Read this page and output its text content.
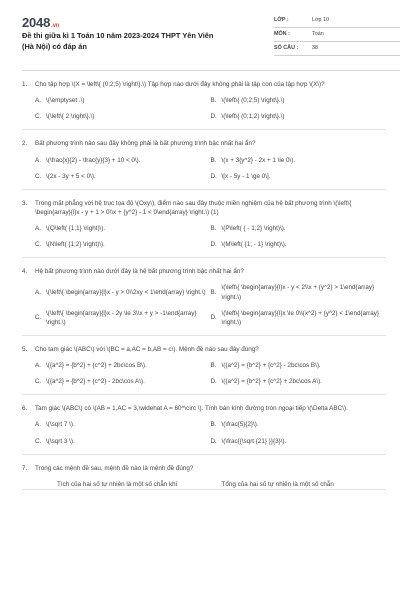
2048.vn
Đề thi giữa kì 1 Toán 10 năm 2023-2024 THPT Yên Viên (Hà Nội) có đáp án
LỚP :	Lớp 10
MÔN :	Toán
SỐ CÂU :	38
1.	Cho tập hợp \(X = \left\{ (0;2;5) \right\}.\) Tập hợp nào dưới đây không phải là tập con của tập hợp \(X\)?
A. \(\emptyset .\)	B. \(\left\{ (0;2;5) \right\}.\)
C. \(\left\{ 2 \right\}.\)	D. \(\left\{ (0;1;2) \right\}.\)
2.	Bất phương trình nào sau đây không phải là bất phương trình bậc nhất hai ẩn?
A. \(\frac{x}{2} - \frac{y}{3} + 10 < 0\).	B. \(x + 3{y^2} - 2x + 1 \le 0\).
C. \(2x - 3y + 5 < 0\).	D. \[x - 5y - 1 \ge 0\].
3.	Trong mặt phẳng với hệ trục tọa độ \(Oxy\), điểm nào sau đây thuộc miền nghiệm của hệ bất phương trình \(\left\{ \begin{array}{l}x - y + 1 > 0\\x + {y^2} - 1 < 0\end{array} \right.\) (1)
A. \(Q\left( {1;1} \right)\).	B. \(P\left( { - 1;2} \right)\).
C. \(N\left( {1;2} \right)\).	D. \(M\left( {1; - 1} \right)\).
4.	Hệ bất phương trình nào dưới đây là hệ bất phương trình bậc nhất hai ẩn?
A. \(\left\{ \begin{array}{l}x - y > 0\\2xy < 1\end{array} \right.\) B.
\(\left\{ \begin{array}{l}x - y < 2\\x + {y^2} > 1\end{array} \right.\)
C.
\(\left\{ \begin{array}{l}x - 2y \le 3\\x + y > -1\end{array} \right.\)
D.
\(\left\{ \begin{array}{l}x \le 0\\{x^2} + {y^2} < 1\end{array} \right.\)
5.	Cho tam giác \(ABC\) với \(BC = a,AC = b,AB = c\). Mệnh đề nào sau đây đúng?
A. \({a^2} = {b^2} + {c^2} + 2bc\cos B\).	B. \({a^2} = {b^2} + {c^2} - 2bc\cos B\).
C. \({a^2} = {b^2} + {c^2} - 2bc\cos A\).	D. \({a^2} = {b^2} + {c^2} + 2bc\cos A\).
6.	Tam giác \(ABC\) có \(AB = 1,AC = 3,\widehat A = 60^\circ \). Tính bán kính đường tròn ngoại tiếp \(\Delta ABC\).
A. \(\sqrt 7 \).	B. \(\frac{5}{2}\).
C. \(\sqrt 3 \).	D. \(\frac{{\sqrt {21} }}{3}\).
7.	Trong các mệnh đề sau, mệnh đề nào là mệnh đề đúng?
Tích của hai số tự nhiên là một số chẵn khi	Tổng của hai số tự nhiên là một số chẵn
